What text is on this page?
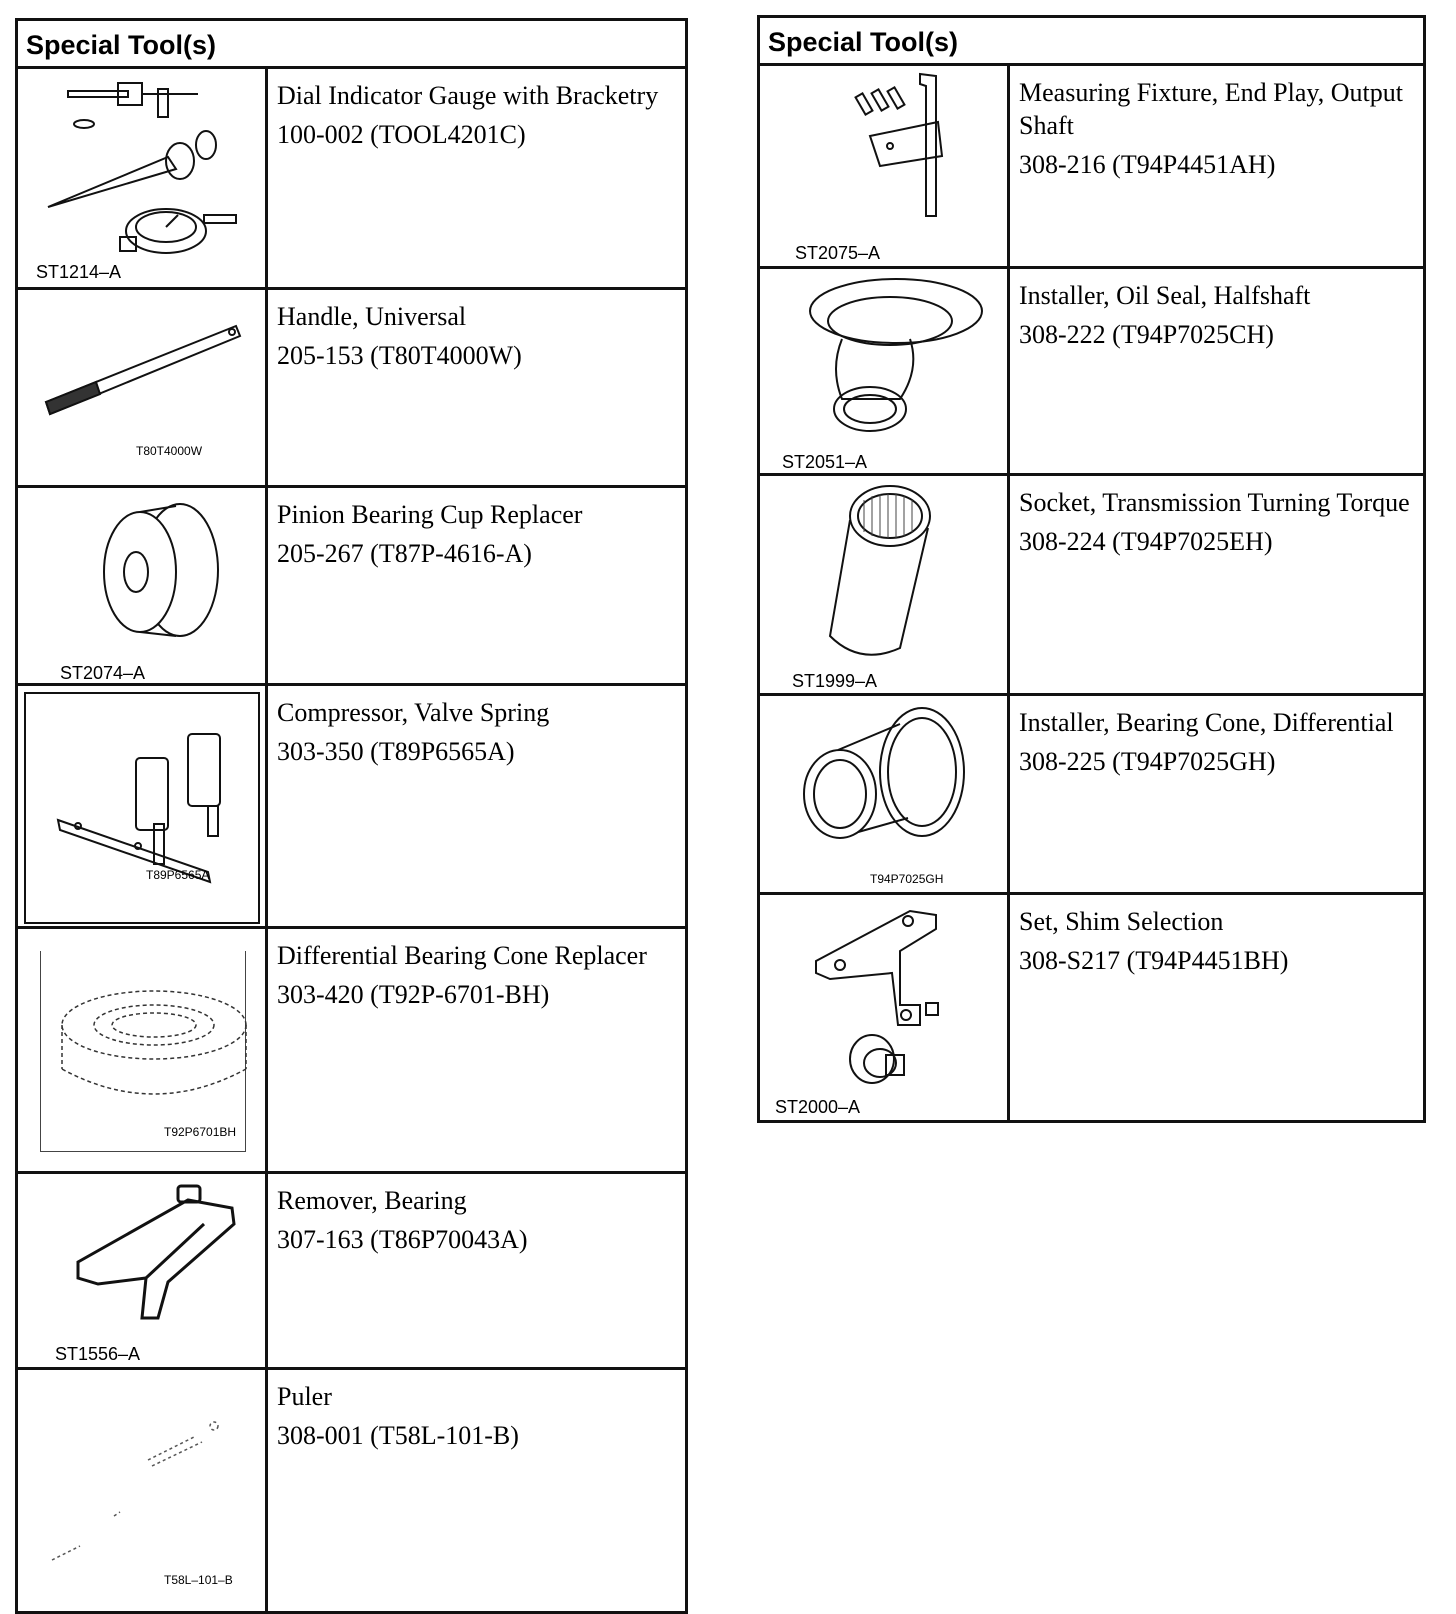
Special Tool(s)
ST1214–A
Dial Indicator Gauge with Bracketry
100-002 (TOOL4201C)
T80T4000W
Handle, Universal
205-153 (T80T4000W)
ST2074–A
Pinion Bearing Cup Replacer
205-267 (T87P-4616-A)
T89P6565A
Compressor, Valve Spring
303-350 (T89P6565A)
T92P6701BH
Differential Bearing Cone Replacer
303-420 (T92P-6701-BH)
ST1556–A
Remover, Bearing
307-163 (T86P70043A)
T58L–101–B
Puler
308-001 (T58L-101-B)
Special Tool(s)
ST2075–A
Measuring Fixture, End Play, Output Shaft
308-216 (T94P4451AH)
ST2051–A
Installer, Oil Seal, Halfshaft
308-222 (T94P7025CH)
ST1999–A
Socket, Transmission Turning Torque
308-224 (T94P7025EH)
T94P7025GH
Installer, Bearing Cone, Differential
308-225 (T94P7025GH)
ST2000–A
Set, Shim Selection
308-S217 (T94P4451BH)
